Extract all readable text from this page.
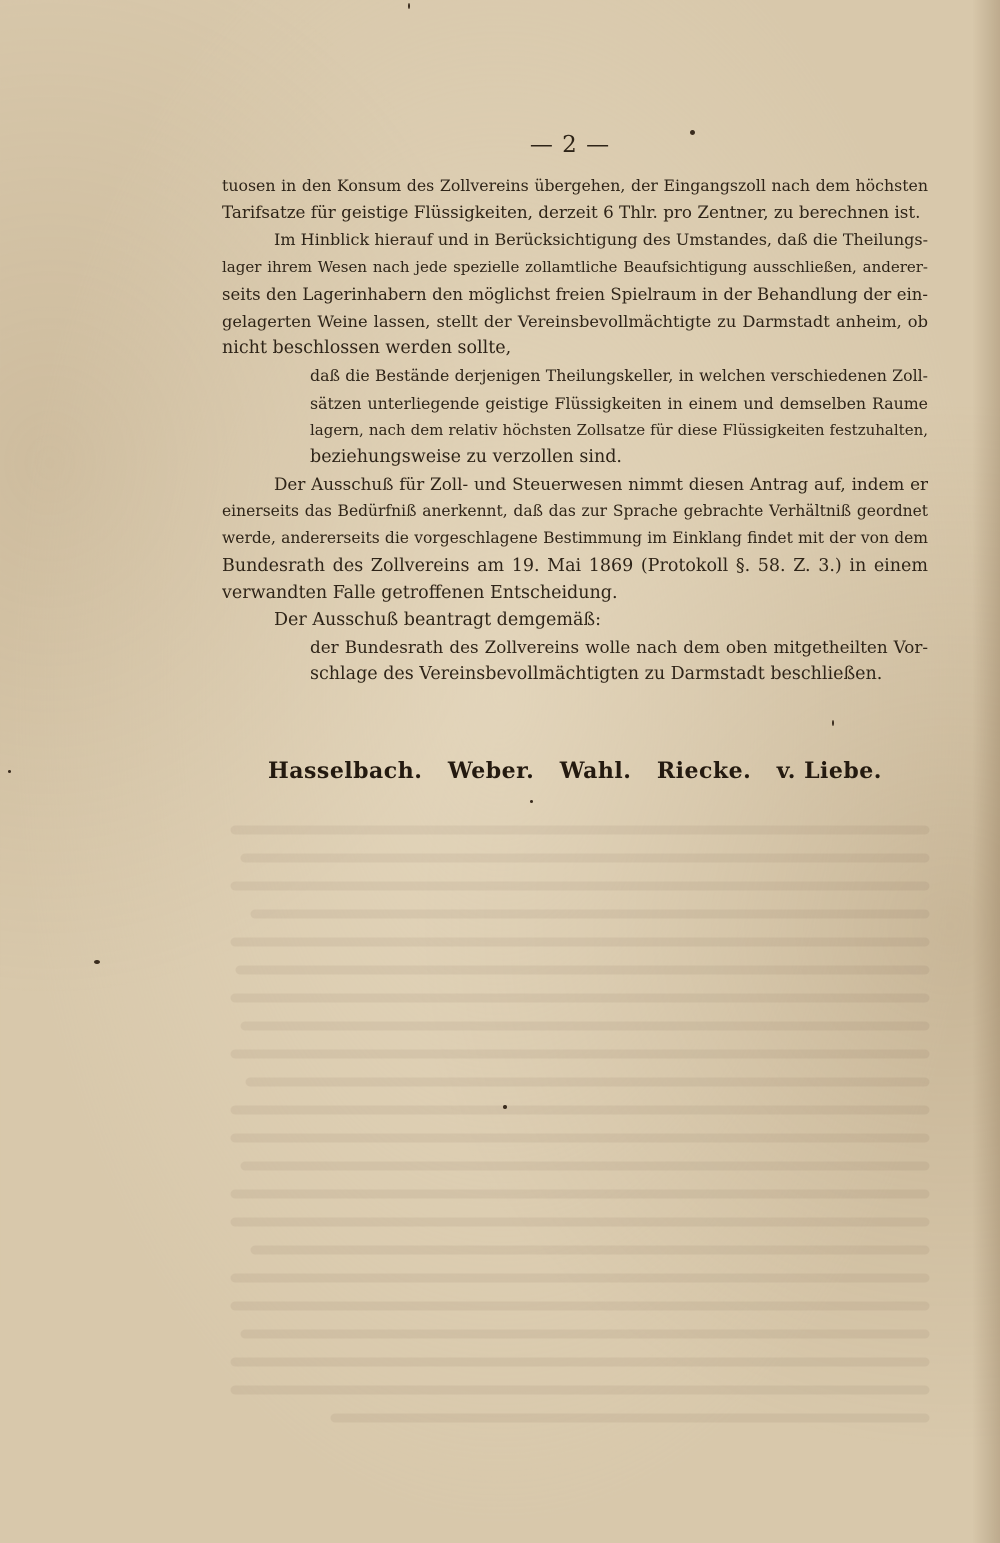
— 2 —
tuosen in den Konsum des Zollvereins übergehen, der Eingangszoll nach dem höchsten
Tarifsatze für geistige Flüssigkeiten, derzeit 6 Thlr. pro Zentner, zu berechnen ist.
Im Hinblick hierauf und in Berücksichtigung des Umstandes, daß die Theilungs-
lager ihrem Wesen nach jede spezielle zollamtliche Beaufsichtigung ausschließen, anderer-
seits den Lagerinhabern den möglichst freien Spielraum in der Behandlung der ein-
gelagerten Weine lassen, stellt der Vereinsbevollmächtigte zu Darmstadt anheim, ob
nicht beschlossen werden sollte,
daß die Bestände derjenigen Theilungskeller, in welchen verschiedenen Zoll-
sätzen unterliegende geistige Flüssigkeiten in einem und demselben Raume
lagern, nach dem relativ höchsten Zollsatze für diese Flüssigkeiten festzuhalten,
beziehungsweise zu verzollen sind.
Der Ausschuß für Zoll- und Steuerwesen nimmt diesen Antrag auf, indem er
einerseits das Bedürfniß anerkennt, daß das zur Sprache gebrachte Verhältniß geordnet
werde, andererseits die vorgeschlagene Bestimmung im Einklang findet mit der von dem
Bundesrath des Zollvereins am 19. Mai 1869 (Protokoll §. 58. Z. 3.) in einem
verwandten Falle getroffenen Entscheidung.
Der Ausschuß beantragt demgemäß:
der Bundesrath des Zollvereins wolle nach dem oben mitgetheilten Vor-
schlage des Vereinsbevollmächtigten zu Darmstadt beschließen.
Hasselbach. Weber. Wahl. Riecke. v. Liebe.
